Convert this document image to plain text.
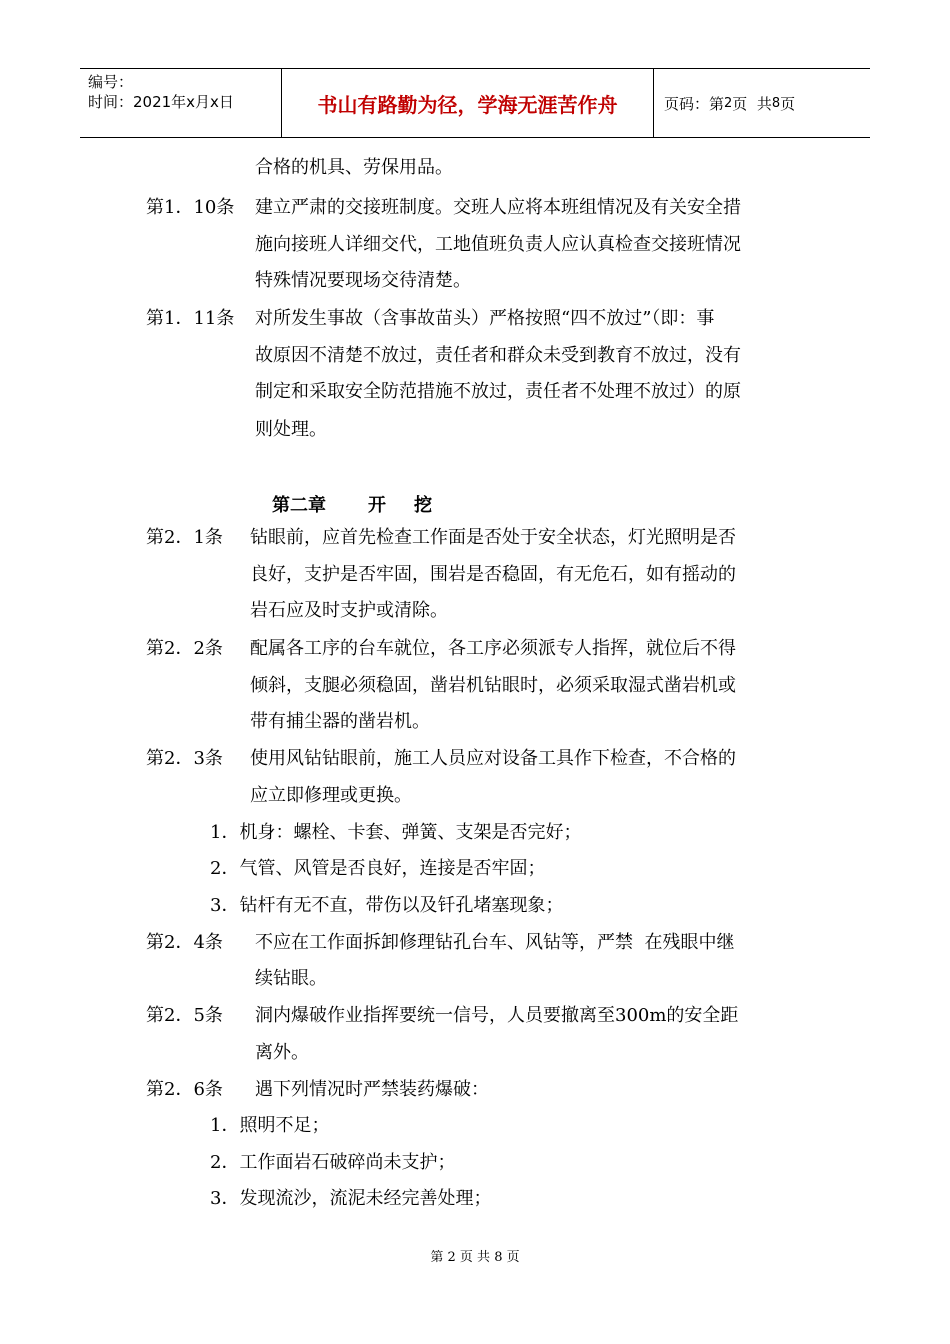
编号：
时间：2021年x月x日	书山有路勤为径，学海无涯苦作舟	页码：第 2 页  共 8 页
合格的机具、劳保用品。
第1．10条 建立严肃的交接班制度。交班人应将本班组情况及有关安全措
施向接班人详细交代，工地值班负责人应认真检查交接班情况
特殊情况要现场交待清楚。
第1．11条 对所发生事故（含事故苗头）严格按照“四不放过”（即：事
故原因不清楚不放过，责任者和群众未受到教育不放过，没有
制定和采取安全防范措施不放过，责任者不处理不放过）的原
则处理。
第二章 开 挖
第2．1条 钻眼前，应首先检查工作面是否处于安全状态，灯光照明是否
良好，支护是否牢固，围岩是否稳固，有无危石，如有摇动的
岩石应及时支护或清除。
第2．2条 配属各工序的台车就位，各工序必须派专人指挥，就位后不得
倾斜，支腿必须稳固，凿岩机钻眼时，必须采取湿式凿岩机或
带有捕尘器的凿岩机。
第2．3条 使用风钻钻眼前，施工人员应对设备工具作下检查，不合格的
应立即修理或更换。
1．机身：螺栓、卡套、弹簧、支架是否完好；
2．气管、风管是否良好，连接是否牢固；
3．钻杆有无不直，带伤以及钎孔堵塞现象；
第2．4条 不应在工作面拆卸修理钻孔台车、风钻等，严禁  在残眼中继
续钻眼。
第2．5条 洞内爆破作业指挥要统一信号，人员要撤离至300m的安全距
离外。
第2．6条 遇下列情况时严禁装药爆破：
1．照明不足；
2．工作面岩石破碎尚未支护；
3．发现流沙，流泥未经完善处理；
第 2 页 共 8 页
